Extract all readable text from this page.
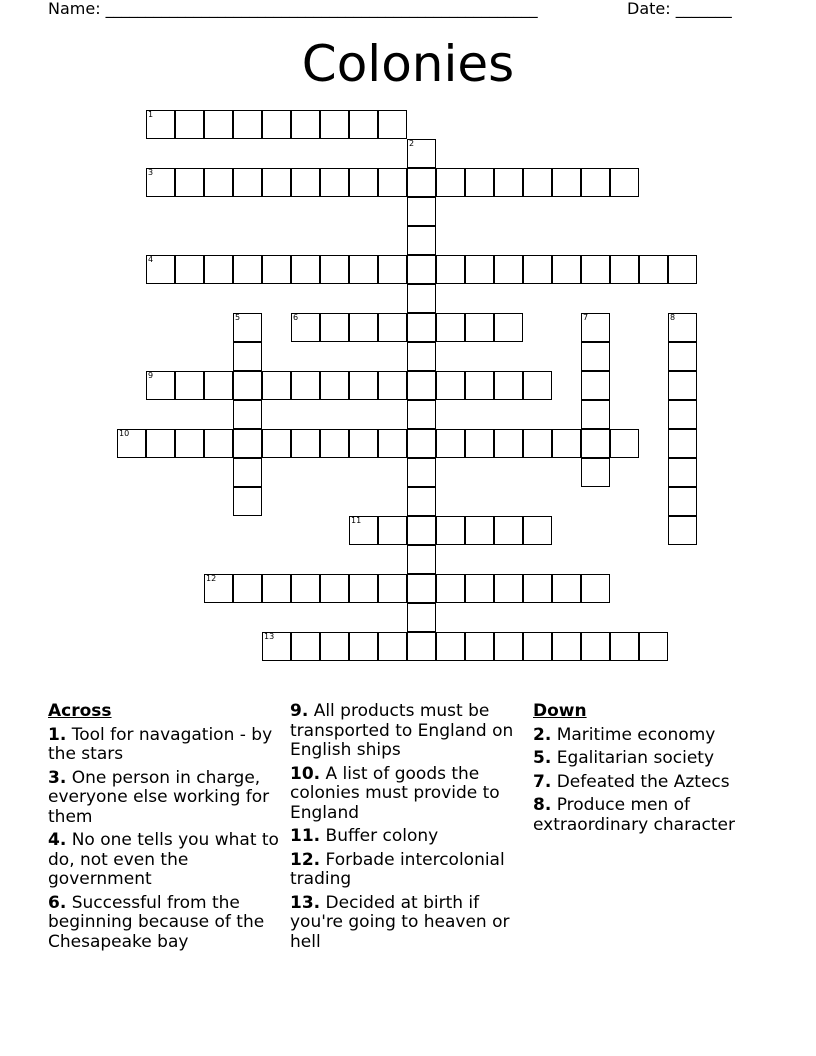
Name: ______________________________________________________	Date: _______
Colonies
1
2
3
4
5	6	7	8
9
10
11
12
13
Across
1. Tool for navagation - by the stars
3. One person in charge, everyone else working for them
4. No one tells you what to do, not even the government
6. Successful from the beginning because of the Chesapeake bay
9. All products must be transported to England on English ships
10. A list of goods the colonies must provide to England
11. Buffer colony
12. Forbade intercolonial trading
13. Decided at birth if you're going to heaven or hell
Down
2. Maritime economy
5. Egalitarian society
7. Defeated the Aztecs
8. Produce men of extraordinary character
